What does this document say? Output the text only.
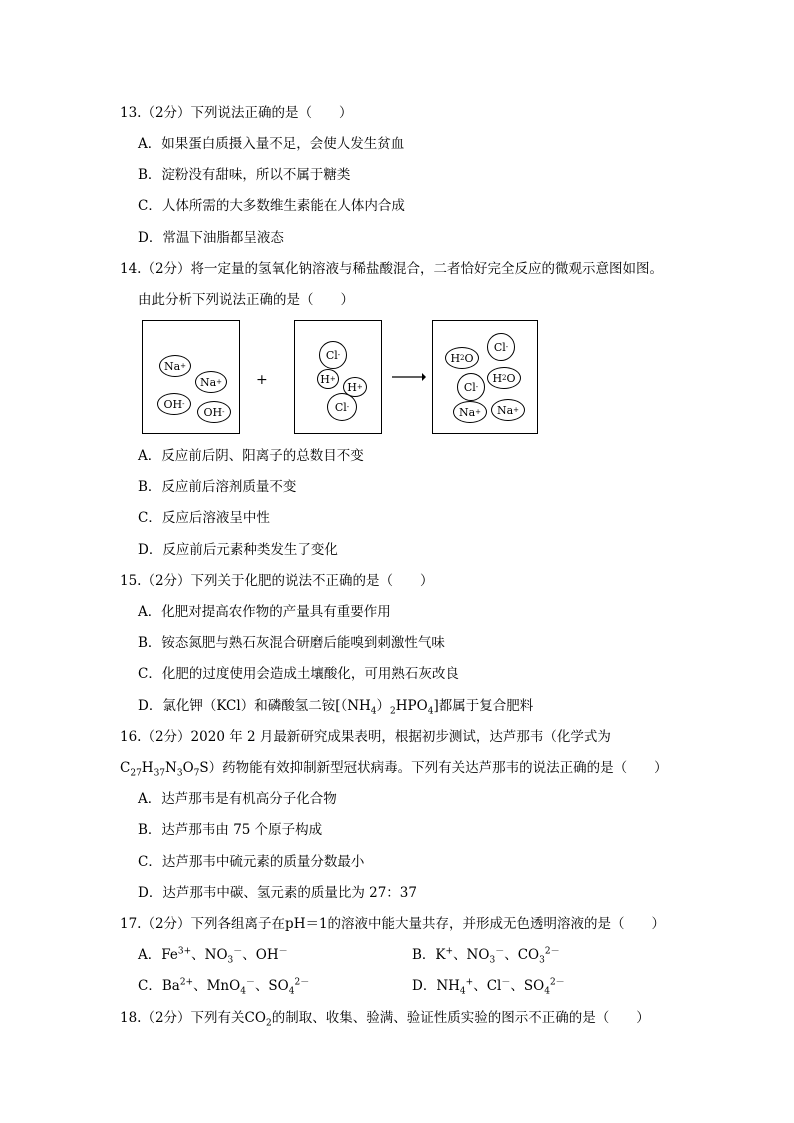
13.（2分）下列说法正确的是（　　）
A．如果蛋白质摄入量不足，会使人发生贫血
B．淀粉没有甜味，所以不属于糖类
C．人体所需的大多数维生素能在人体内合成
D．常温下油脂都呈液态
14.（2分）将一定量的氢氧化钠溶液与稀盐酸混合，二者恰好完全反应的微观示意图如图。
由此分析下列说法正确的是（　　）
Na +
Na +
OH -
OH -
+
Cl -
H +
H +
Cl -
H 2 O
Cl -
Cl -
H 2 O
Na + Na +
A．反应前后阴、阳离子的总数目不变
B．反应前后溶剂质量不变
C．反应后溶液呈中性
D．反应前后元素种类发生了变化
15.（2分）下列关于化肥的说法不正确的是（　　）
A．化肥对提高农作物的产量具有重要作用
B．铵态氮肥与熟石灰混合研磨后能嗅到刺激性气味
C．化肥的过度使用会造成土壤酸化，可用熟石灰改良
D．氯化钾（KCl）和磷酸氢二铵$[(NH_4)_2HPO_4]$都属于复合肥料
16.（2分）2020 年 2 月最新研究成果表明，根据初步测试，达芦那韦（化学式为
$C_{27}H_{37}N_3O_7S$）药物能有效抑制新型冠状病毒。下列有关达芦那韦的说法正确的是（　　）
A．达芦那韦是有机高分子化合物
B．达芦那韦由 75 个原子构成
C．达芦那韦中硫元素的质量分数最小
D．达芦那韦中碳、氢元素的质量比为 27：37
17.（2分）下列各组离子在pH＝1的溶液中能大量共存，并形成无色透明溶液的是（　　）
A．$Fe^{3+}$、$NO_3^-$、OH－	B．K+、$NO_3^-$、$CO_3^{2-}$
C．$Ba^{2+}$、MnO$_4$－、$SO_4^{2-}$	D．$NH_4^+$、Cl－、$SO_4^{2-}$
18.（2分）下列有关$CO_2$的制取、收集、验满、验证性质实验的图示不正确的是（　　）
